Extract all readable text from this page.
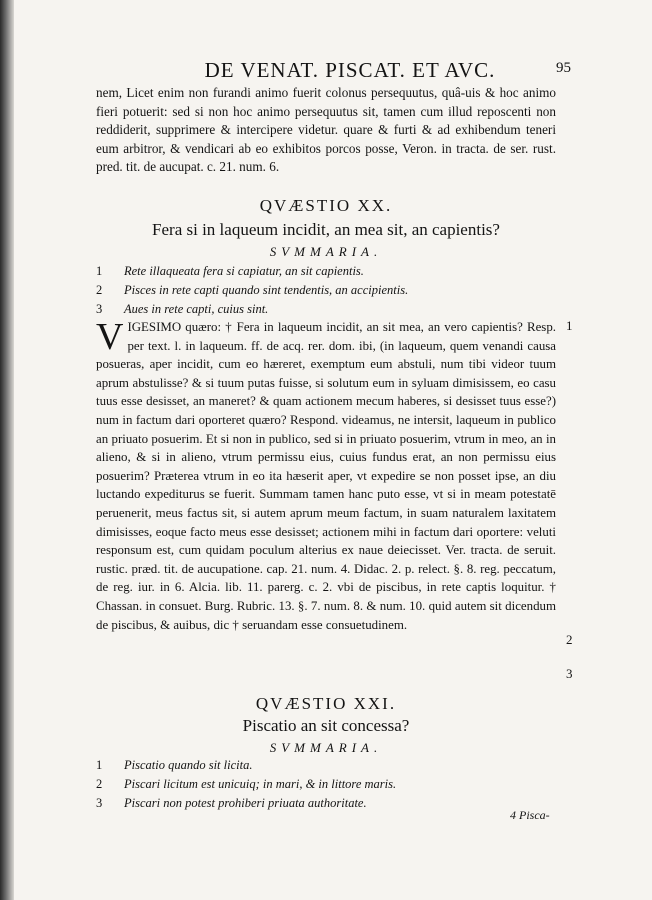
DE VENAT. PISCAT. ET AVC.	95

nem, Licet enim non furandi animo fuerit colonus persequutus, quâ-uis & hoc animo fieri potuerit: sed si non hoc animo persequutus sit, tamen cum illud reposcenti non reddiderit, supprimere & intercipere videtur. quare & furti & ad exhibendum teneri eum arbitror, & vendicari ab eo exhibitos porcos posse, Veron. in tracta. de ser. rust. pred. tit. de aucupat. c. 21. num. 6.

QVÆSTIO XX.
Fera si in laqueum incidit, an mea sit, an capientis?
SVMMARIA.
1	Rete illaqueata fera si capiatur, an sit capientis.
2	Pisces in rete capti quando sint tendentis, an accipientis.
3	Aues in rete capti, cuius sint.

VIGESIMO quæro: † Fera in laqueum incidit, an sit mea, an vero capientis? Resp. per text. l. in laqueum. ff. de acq. rer. dom. ibi, (in laqueum, quem venandi causa posueras, aper incidit, cum eo hæreret, exemptum eum abstuli, num tibi videor tuum aprum abstulisse? & si tuum putas fuisse, si solutum eum in syluam dimisissem, eo casu tuus esse desisset, an maneret? & quam actionem mecum haberes, si desisset tuus esse?) num in factum dari oporteret quæro? Respond. videamus, ne intersit, laqueum in publico an priuato posuerim. Et si non in publico, sed si in priuato posuerim, vtrum in meo, an in alieno, & si in alieno, vtrum permissu eius, cuius fundus erat, an non permissu eius posuerim? Præterea vtrum in eo ita hæserit aper, vt expedire se non posset ipse, an diu luctando expediturus se fuerit. Summam tamen hanc puto esse, vt si in meam potestatē peruenerit, meus factus sit, si autem aprum meum factum, in suam naturalem laxitatem dimisisses, eoque facto meus esse desisset; actionem mihi in factum dari oportere: veluti responsum est, cum quidam poculum alterius ex naue deiecisset. Ver. tracta. de seruit. rustic. præd. tit. de aucupatione. cap. 21. num. 4. Didac. 2. p. relect. §. 8. reg. peccatum, de reg. iur. in 6. Alcia. lib. 11. parerg. c. 2. vbi de piscibus, in rete captis loquitur. † Chassan. in consuet. Burg. Rubric. 13. §. 7. num. 8. & num. 10. quid autem sit dicendum de piscibus, & auibus, dic † seruandam esse consuetudinem.

1
2
3
QVÆSTIO XXI.
Piscatio an sit concessa?
SVMMARIA.
1	Piscatio quando sit licita.
2	Piscari licitum est unicuiq; in mari, & in littore maris.
3	Piscari non potest prohiberi priuata authoritate.
4 Pisca-
